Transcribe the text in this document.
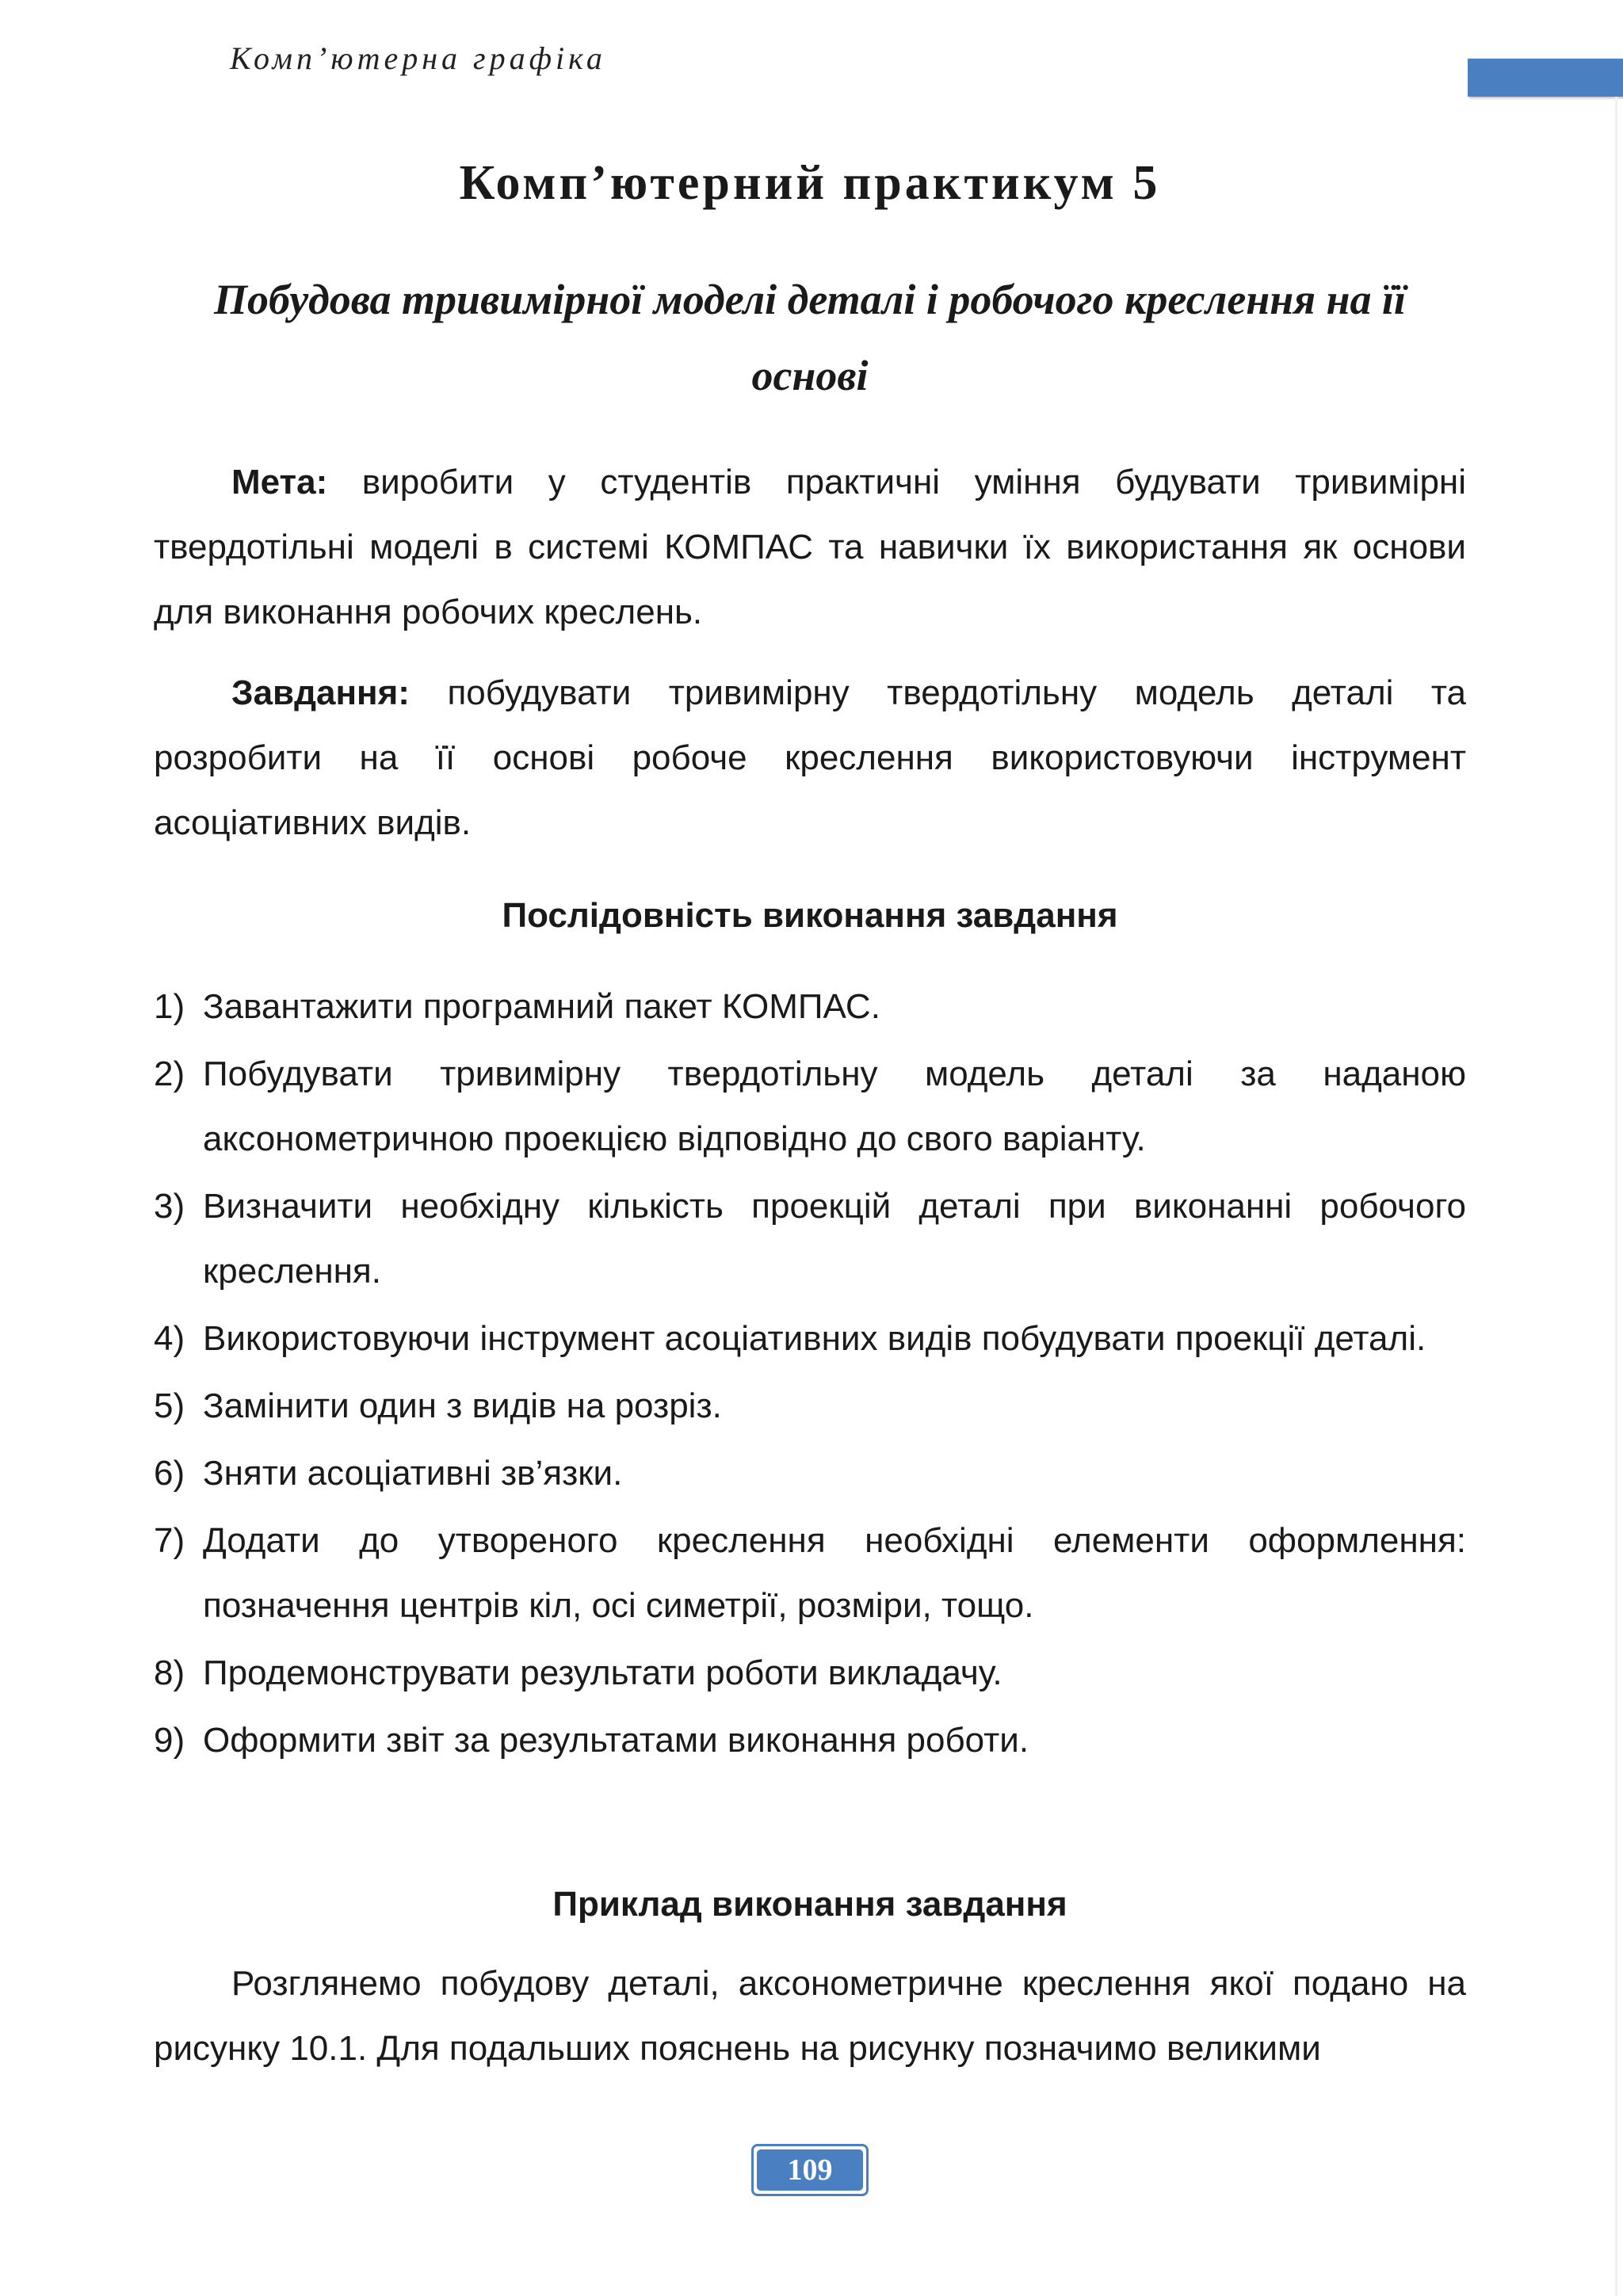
Комп’ютерна графіка
Комп’ютерний практикум 5
Побудова тривимірної моделі деталі і робочого креслення на її основі

Мета: виробити у студентів практичні уміння будувати тривимірні твердотільні моделі в системі КОМПАС та навички їх використання як основи для виконання робочих креслень.

Завдання: побудувати тривимірну твердотільну модель деталі та розробити на її основі робоче креслення використовуючи інструмент асоціативних видів.

Послідовність виконання завдання
1) Завантажити програмний пакет КОМПАС.
2) Побудувати тривимірну твердотільну модель деталі за наданою аксонометричною проекцією відповідно до свого варіанту.
3) Визначити необхідну кількість проекцій деталі при виконанні робочого креслення.
4) Використовуючи інструмент асоціативних видів побудувати проекції деталі.
5) Замінити один з видів на розріз.
6) Зняти асоціативні зв’язки.
7) Додати до утвореного креслення необхідні елементи оформлення: позначення центрів кіл, осі симетрії, розміри, тощо.
8) Продемонструвати результати роботи викладачу.
9) Оформити звіт за результатами виконання роботи.
Приклад виконання завдання

Розглянемо побудову деталі, аксонометричне креслення якої подано на рисунку 10.1. Для подальших пояснень на рисунку позначимо великими

109
